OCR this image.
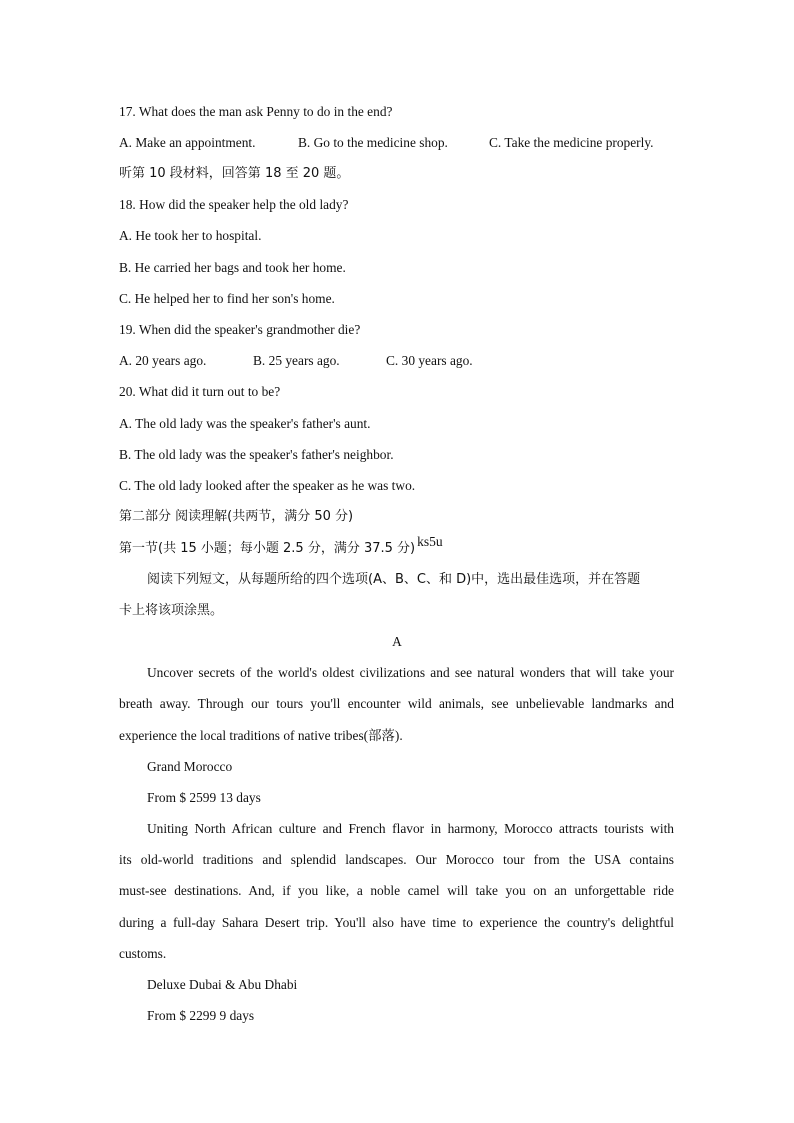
17. What does the man ask Penny to do in the end?
A. Make an appointment.	B. Go to the medicine shop.	C. Take the medicine properly.
听第 10 段材料，回答第 18 至 20 题。
18. How did the speaker help the old lady?
A. He took her to hospital.
B. He carried her bags and took her home.
C. He helped her to find her son's home.
19. When did the speaker's grandmother die?
A. 20 years ago.	B. 25 years ago.	C. 30 years ago.
20. What did it turn out to be?
A. The old lady was the speaker's father's aunt.
B. The old lady was the speaker's father's neighbor.
C. The old lady looked after the speaker as he was two.
第二部分 阅读理解(共两节，满分 50 分)
第一节(共 15 小题；每小题 2.5 分，满分 37.5 分) ks5u
阅读下列短文，从每题所给的四个选项(A、B、C、和 D)中，选出最佳选项，并在答题
卡上将该项涂黑。
A
Uncover secrets of the world's oldest civilizations and see natural wonders that will take your
breath away. Through our tours you'll encounter wild animals, see unbelievable landmarks and
experience the local traditions of native tribes(部落).
Grand Morocco
From $ 2599 13 days
Uniting North African culture and French flavor in harmony, Morocco attracts tourists with
its old-world traditions and splendid landscapes. Our Morocco tour from the USA contains
must-see destinations. And, if you like, a noble camel will take you on an unforgettable ride
during a full-day Sahara Desert trip. You'll also have time to experience the country's delightful
customs.
Deluxe Dubai & Abu Dhabi
From $ 2299 9 days
